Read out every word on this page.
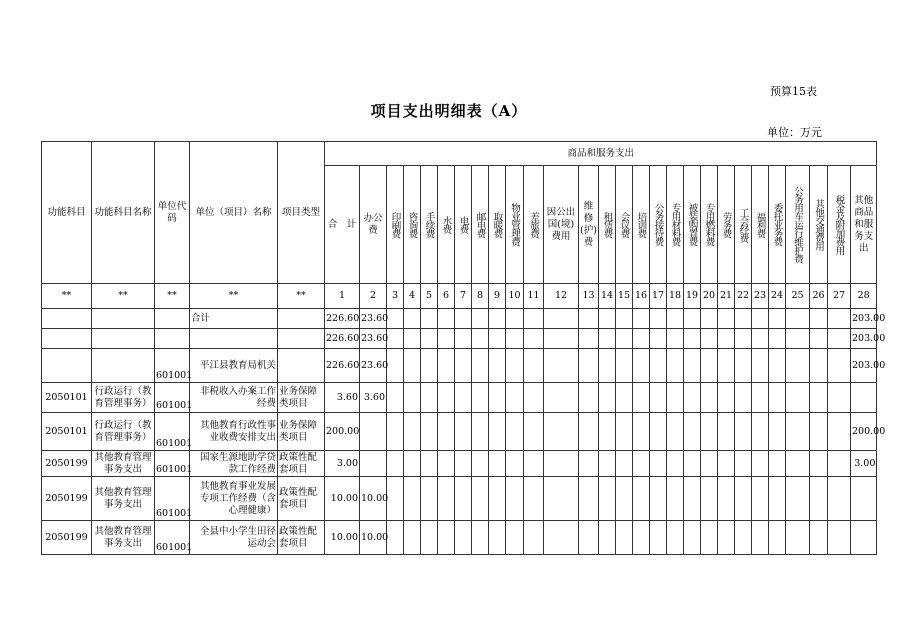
预算15表
项目支出明细表（A）
单位：万元
功能科目	功能科目名称	单位代码	单位（项目）名称	项目类型	商品和服务支出																											
					合　计	办公费	印刷费	咨询费	手续费	水费	电费	邮电费	取暖费	物业管理费	差旅费	因公出国(境)费用	维修(护)费	租赁费	会议费	培训费	公务接待费	专用材料费	被装购置费	专用燃料费	劳务费	工会经费	福利费	委托业务费	公务用车运行维护费	其他交通费用	税金及附加费用	其他商品和服务支出
**	**	**	**	**	1	2	3	4	5	6	7	8	9	10	11	12	13	14	15	16	17	18	19	20	21	22	23	24	25	26	27	28
			合计		226.60	23.60																										203.00
					226.60	23.60																										203.00
		601001	平江县教育局机关		226.60	23.60																										203.00
2050101	行政运行（教育管理事务）	601001	非税收入办案工作经费	业务保障类项目	3.60	3.60																										
2050101	行政运行（教育管理事务）	601001	其他教育行政性事业收费安排支出	业务保障类项目	200.00																											200.00
2050199	其他教育管理事务支出	601001	国家生源地助学贷款工作经费	政策性配套项目	3.00																											3.00
2050199	其他教育管理事务支出	601001	其他教育事业发展专项工作经费（含心理健康）	政策性配套项目	10.00	10.00																										
2050199	其他教育管理事务支出	601001	全县中小学生田径运动会	政策性配套项目	10.00	10.00																										
